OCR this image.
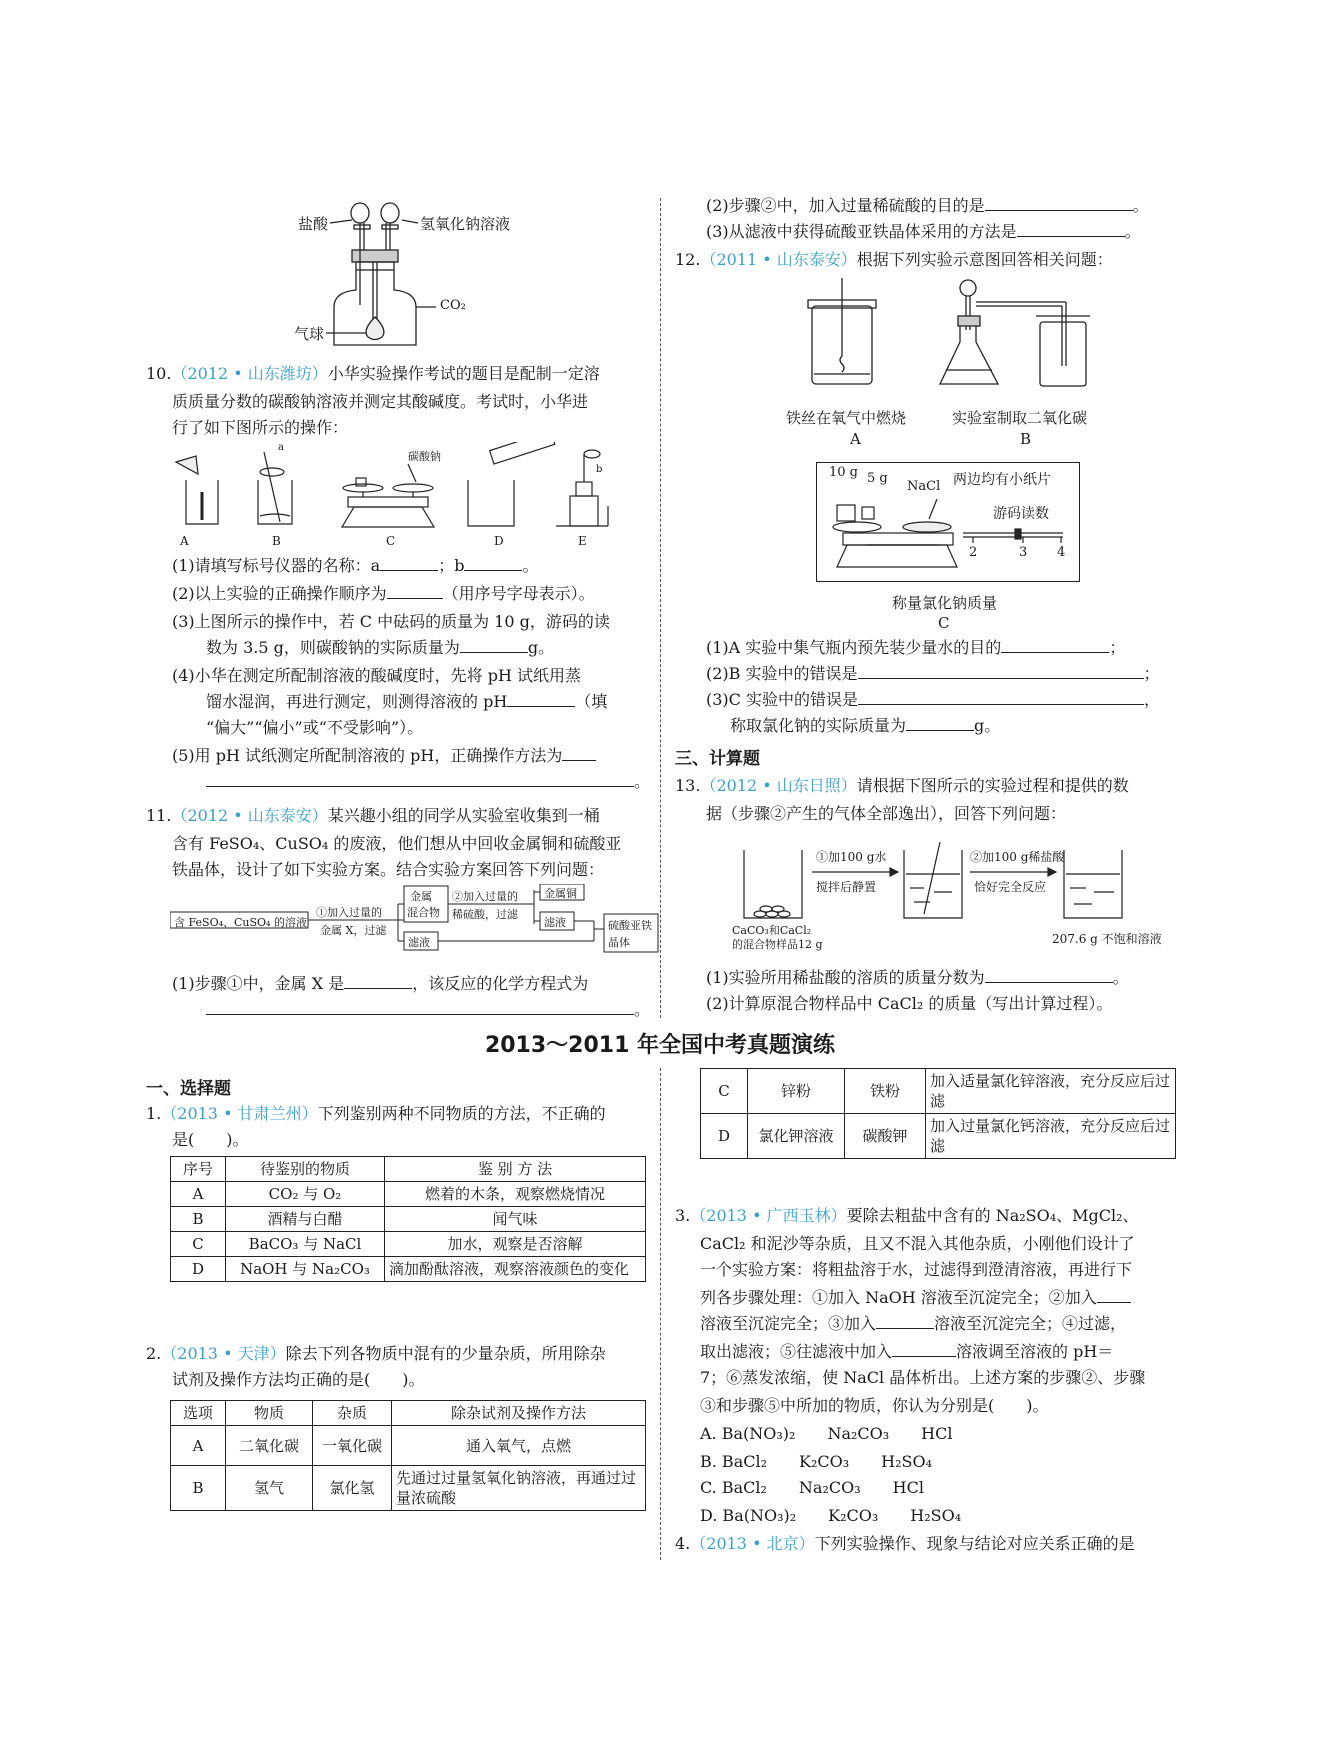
盐酸	氢氧化钠溶液
CO₂
气球
10.（2012 • 山东潍坊）小华实验操作考试的题目是配制一定溶
质质量分数的碳酸钠溶液并测定其酸碱度。考试时，小华进
行了如下图所示的操作：
A	B	C	D	E
a
b
碳酸钠
(1)请填写标号仪器的名称：a	；b	。
(2)以上实验的正确操作顺序为	（用序号字母表示）。
(3)上图所示的操作中，若 C 中砝码的质量为 10 g，游码的读
数为 3.5 g，则碳酸钠的实际质量为	g。
(4)小华在测定所配制溶液的酸碱度时，先将 pH 试纸用蒸
馏水湿润，再进行测定，则测得溶液的 pH	（填
“偏大”“偏小”或“不受影响”）。
(5)用 pH 试纸测定所配制溶液的 pH，正确操作方法为
。
11.（2012 • 山东泰安）某兴趣小组的同学从实验室收集到一桶
含有 FeSO₄、CuSO₄ 的废液，他们想从中回收金属铜和硫酸亚
铁晶体，设计了如下实验方案。结合实验方案回答下列问题：
含 FeSO₄、CuSO₄ 的溶液
①加入过量的
金属 X，过滤
金属
混合物
滤液
②加入过量的
稀硫酸，过滤
金属铜
滤液	硫酸亚铁
晶体
(1)步骤①中，金属 X 是	，该反应的化学方程式为
。
(2)步骤②中，加入过量稀硫酸的目的是	。
(3)从滤液中获得硫酸亚铁晶体采用的方法是	。
12.（2011 • 山东泰安）根据下列实验示意图回答相关问题：
铁丝在氧气中燃烧
A
实验室制取二氧化碳
B
10 g 5 g
NaCl 两边均有小纸片
游码读数
2	3 4
称量氯化钠质量
C
(1)A 实验中集气瓶内预先装少量水的目的	；
(2)B 实验中的错误是	；
(3)C 实验中的错误是	，
称取氯化钠的实际质量为	g。
三、计算题
13.（2012 • 山东日照）请根据下图所示的实验过程和提供的数
据（步骤②产生的气体全部逸出），回答下列问题：
①加100 g水
搅拌后静置
②加100 g稀盐酸
恰好完全反应
CaCO₃和CaCl₂
的混合物样品12 g	207.6 g 不饱和溶液
(1)实验所用稀盐酸的溶质的质量分数为	。
(2)计算原混合物样品中 CaCl₂ 的质量（写出计算过程）。
2013～2011 年全国中考真题演练
一、选择题
1.（2013 • 甘肃兰州）下列鉴别两种不同物质的方法，不正确的
是(　　)。
序号	待鉴别的物质	鉴 别 方 法
A	CO₂ 与 O₂	燃着的木条，观察燃烧情况
B	酒精与白醋	闻气味
C	BaCO₃ 与 NaCl	加水，观察是否溶解
D	NaOH 与 Na₂CO₃	滴加酚酞溶液，观察溶液颜色的变化
2.（2013 • 天津）除去下列各物质中混有的少量杂质，所用除杂
试剂及操作方法均正确的是(　　)。
选项	物质	杂质	除杂试剂及操作方法
A	二氧化碳	一氧化碳	通入氧气，点燃
B	氢气	氯化氢	先通过过量氢氧化钠溶液，再通过过量浓硫酸
C	锌粉	铁粉	加入适量氯化锌溶液，充分反应后过滤
D	氯化钾溶液	碳酸钾	加入过量氯化钙溶液，充分反应后过滤
3.（2013 • 广西玉林）要除去粗盐中含有的 Na₂SO₄、MgCl₂、
CaCl₂ 和泥沙等杂质，且又不混入其他杂质，小刚他们设计了
一个实验方案：将粗盐溶于水，过滤得到澄清溶液，再进行下
列各步骤处理：①加入 NaOH 溶液至沉淀完全；②加入
溶液至沉淀完全；③加入	溶液至沉淀完全；④过滤，
取出滤液；⑤往滤液中加入	溶液调至溶液的 pH＝
7；⑥蒸发浓缩，使 NaCl 晶体析出。上述方案的步骤②、步骤
③和步骤⑤中所加的物质，你认为分别是(　　)。
A. Ba(NO₃)₂　　Na₂CO₃　　HCl
B. BaCl₂　　K₂CO₃　　H₂SO₄
C. BaCl₂　　Na₂CO₃　　HCl
D. Ba(NO₃)₂　　K₂CO₃　　H₂SO₄
4.（2013 • 北京）下列实验操作、现象与结论对应关系正确的是
